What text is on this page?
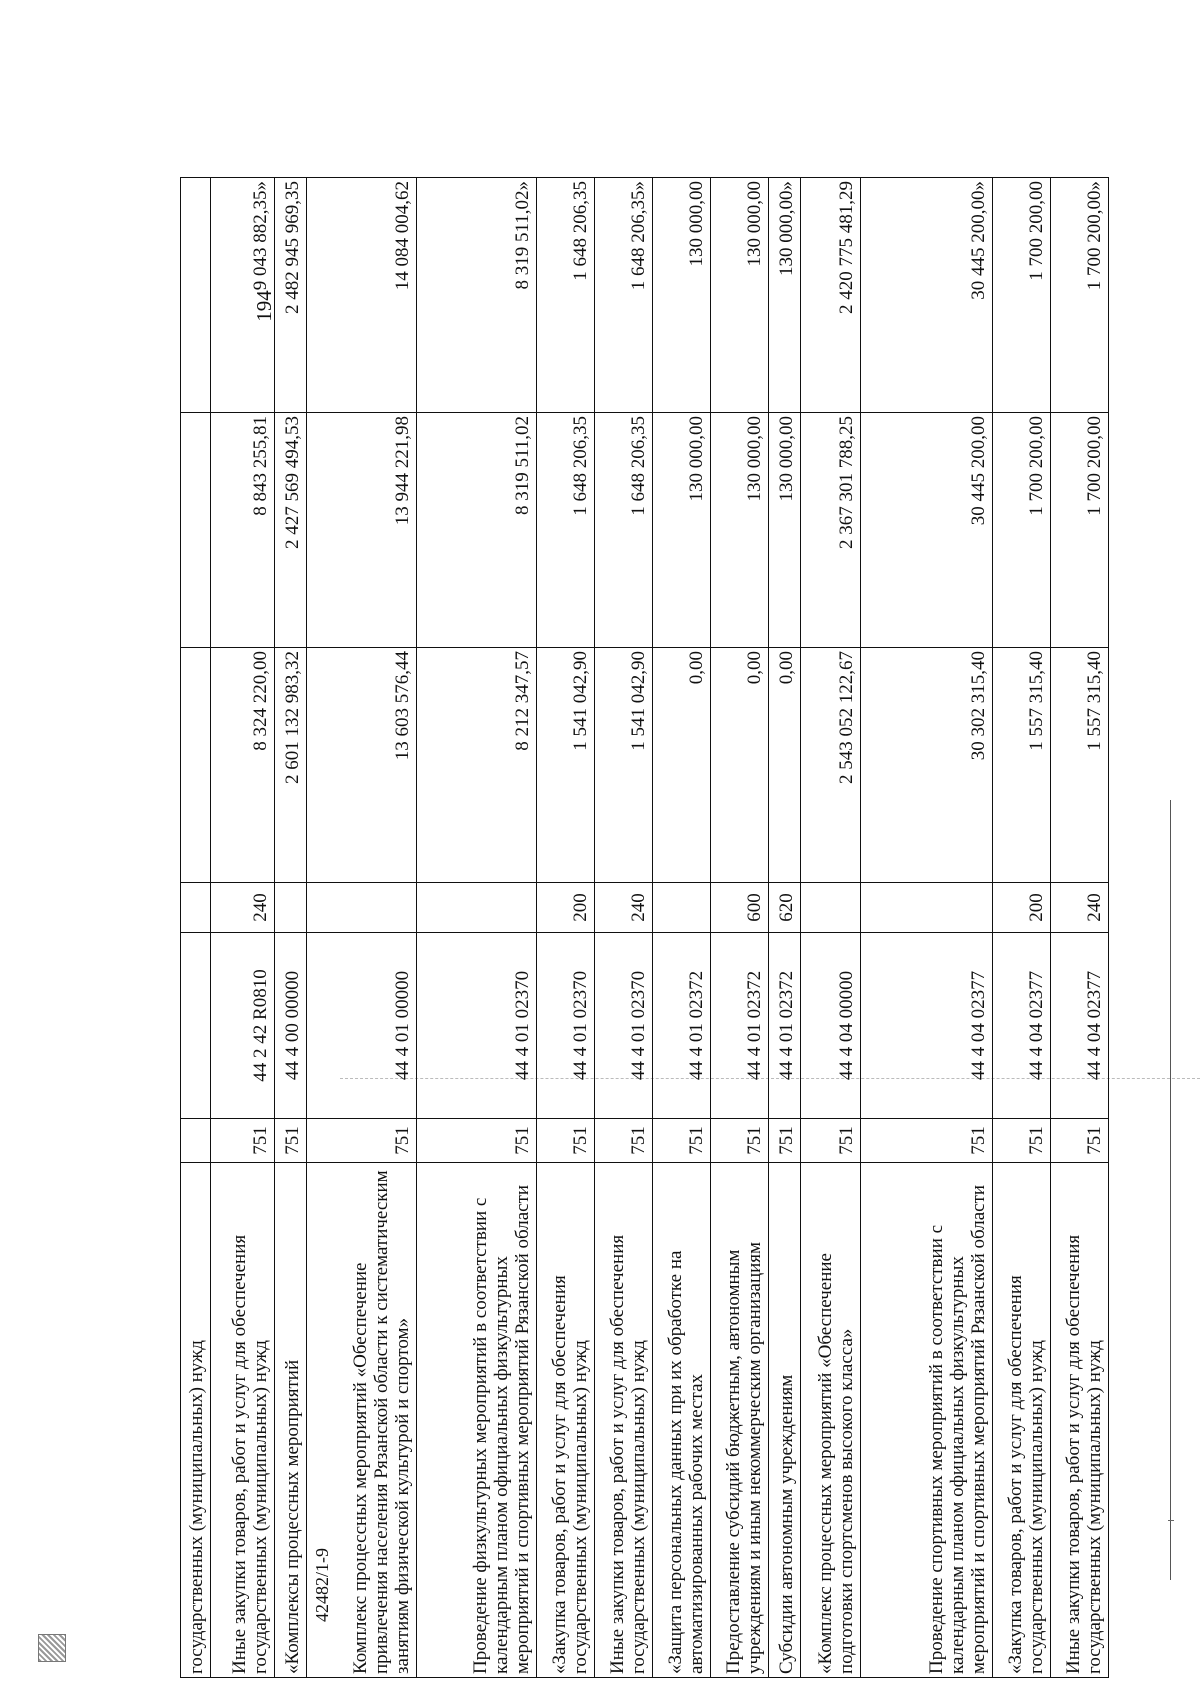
194
государственных (муниципальных) нужд						
Иные закупки товаров, работ и услуг для обеспечения государственных (муниципальных) нужд	751	44 2 42 R0810	240	8 324 220,00	8 843 255,81	9 043 882,35»
«Комплексы процессных мероприятий	751	44 4 00 00000		2 601 132 983,32	2 427 569 494,53	2 482 945 969,35
Комплекс процессных мероприятий «Обеспечение привлечения населения Рязанской области к систематическим занятиям физической культурой и спортом»	751	44 4 01 00000		13 603 576,44	13 944 221,98	14 084 004,62
Проведение физкультурных мероприятий в соответствии с календарным планом официальных физкультурных мероприятий и спортивных мероприятий Рязанской области	751	44 4 01 02370		8 212 347,57	8 319 511,02	8 319 511,02»
«Закупка товаров, работ и услуг для обеспечения государственных (муниципальных) нужд	751	44 4 01 02370	200	1 541 042,90	1 648 206,35	1 648 206,35
Иные закупки товаров, работ и услуг для обеспечения государственных (муниципальных) нужд	751	44 4 01 02370	240	1 541 042,90	1 648 206,35	1 648 206,35»
«Защита персональных данных при их обработке на автоматизированных рабочих местах	751	44 4 01 02372		0,00	130 000,00	130 000,00
Предоставление субсидий бюджетным, автономным учреждениям и иным некоммерческим организациям	751	44 4 01 02372	600	0,00	130 000,00	130 000,00
Субсидии автономным учреждениям	751	44 4 01 02372	620	0,00	130 000,00	130 000,00»
«Комплекс процессных мероприятий «Обеспечение подготовки спортсменов высокого класса»	751	44 4 04 00000		2 543 052 122,67	2 367 301 788,25	2 420 775 481,29
Проведение спортивных мероприятий в соответствии с календарным планом официальных физкультурных мероприятий и спортивных мероприятий Рязанской области	751	44 4 04 02377		30 302 315,40	30 445 200,00	30 445 200,00»
«Закупка товаров, работ и услуг для обеспечения государственных (муниципальных) нужд	751	44 4 04 02377	200	1 557 315,40	1 700 200,00	1 700 200,00
Иные закупки товаров, работ и услуг для обеспечения государственных (муниципальных) нужд	751	44 4 04 02377	240	1 557 315,40	1 700 200,00	1 700 200,00»
42482/1-9
